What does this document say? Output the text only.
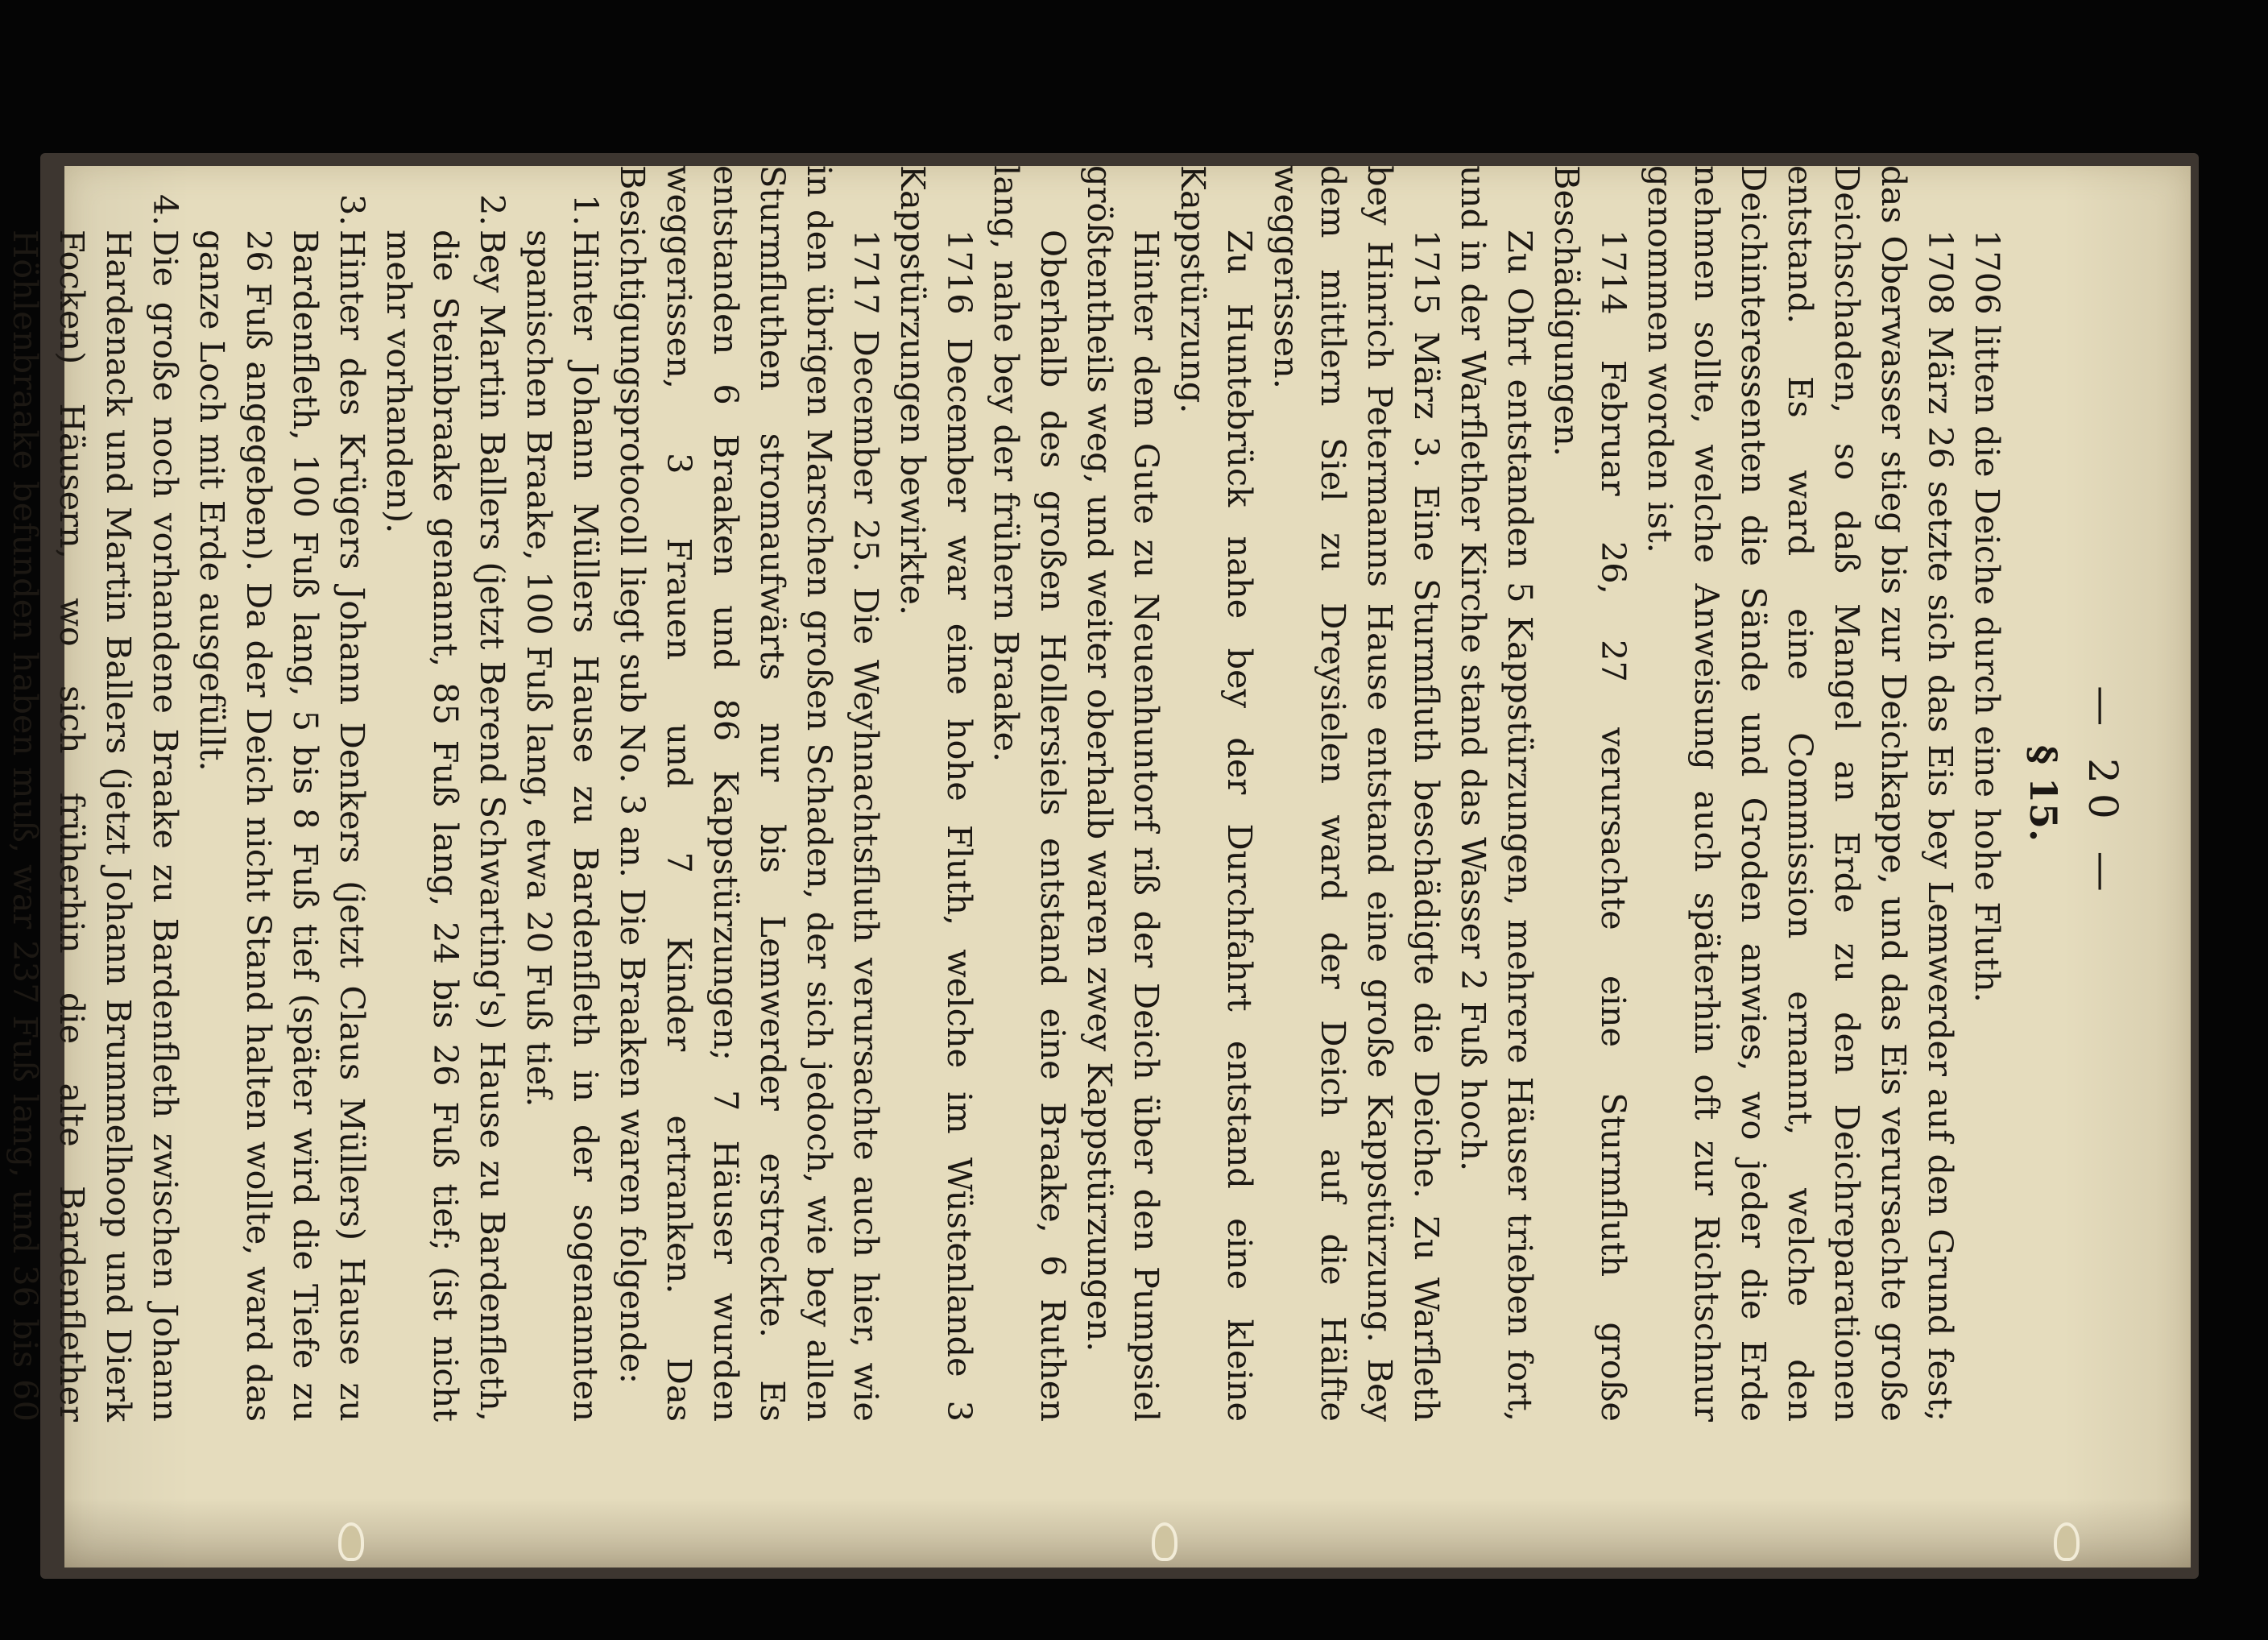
— 20 —
§ 15.

1706 litten die Deiche durch eine hohe Fluth.

1708 März 26 setzte sich das Eis bey Lemwerder auf den Grund fest; das Oberwasser stieg bis zur Deichkappe, und das Eis verursachte große Deichschaden, so daß Mangel an Erde zu den Deichreparationen entstand. Es ward eine Commission ernannt, welche den Deichinteressenten die Sände und Groden anwies, wo jeder die Erde nehmen sollte, welche Anweisung auch späterhin oft zur Richtschnur genommen worden ist.

1714 Februar 26, 27 verursachte eine Sturmfluth große Beschädigungen.

Zu Ohrt entstanden 5 Kappstürzungen, mehrere Häuser trieben fort, und in der Warflether Kirche stand das Wasser 2 Fuß hoch.

1715 März 3. Eine Sturmfluth beschädigte die Deiche. Zu Warfleth bey Hinrich Petermanns Hause entstand eine große Kappstürzung. Bey dem mittlern Siel zu Dreysielen ward der Deich auf die Hälfte weggerissen.

Zu Huntebrück nahe bey der Durchfahrt entstand eine kleine Kappstürzung.

Hinter dem Gute zu Neuenhuntorf riß der Deich über den Pumpsiel größtentheils weg, und weiter oberhalb waren zwey Kappstürzungen.

Oberhalb des großen Hollersiels entstand eine Braake, 6 Ruthen lang, nahe bey der frühern Braake.

1716 December war eine hohe Fluth, welche im Wüstenlande 3 Kappstürzungen bewirkte.

1717 December 25. Die Weyhnachtsfluth verursachte auch hier, wie in den übrigen Marschen großen Schaden, der sich jedoch, wie bey allen Sturmfluthen stromaufwärts nur bis Lemwerder erstreckte. Es entstanden 6 Braaken und 86 Kappstürzungen; 7 Häuser wurden weggerissen, 3 Frauen und 7 Kinder ertranken. Das Besichtigungsprotocoll liegt sub No. 3 an. Die Braaken waren folgende:

1.Hinter Johann Müllers Hause zu Bardenfleth in der sogenannten spanischen Braake, 100 Fuß lang, etwa 20 Fuß tief.

2.Bey Martin Ballers (jetzt Berend Schwarting's) Hause zu Bardenfleth, die Steinbraake genannt, 85 Fuß lang, 24 bis 26 Fuß tief; (ist nicht mehr vorhanden).

3.Hinter des Krügers Johann Denkers (jetzt Claus Müllers) Hause zu Bardenfleth, 100 Fuß lang, 5 bis 8 Fuß tief (später wird die Tiefe zu 26 Fuß angegeben). Da der Deich nicht Stand halten wollte, ward das ganze Loch mit Erde ausgefüllt.

4.Die große noch vorhandene Braake zu Bardenfleth zwischen Johann Hardenack und Martin Ballers (jetzt Johann Brummelhoop und Dierk Focken) Häusern, wo sich früherhin die alte Bardenflether Höhlenbraake befunden haben muß, war 237 Fuß lang, und 36 bis 60
